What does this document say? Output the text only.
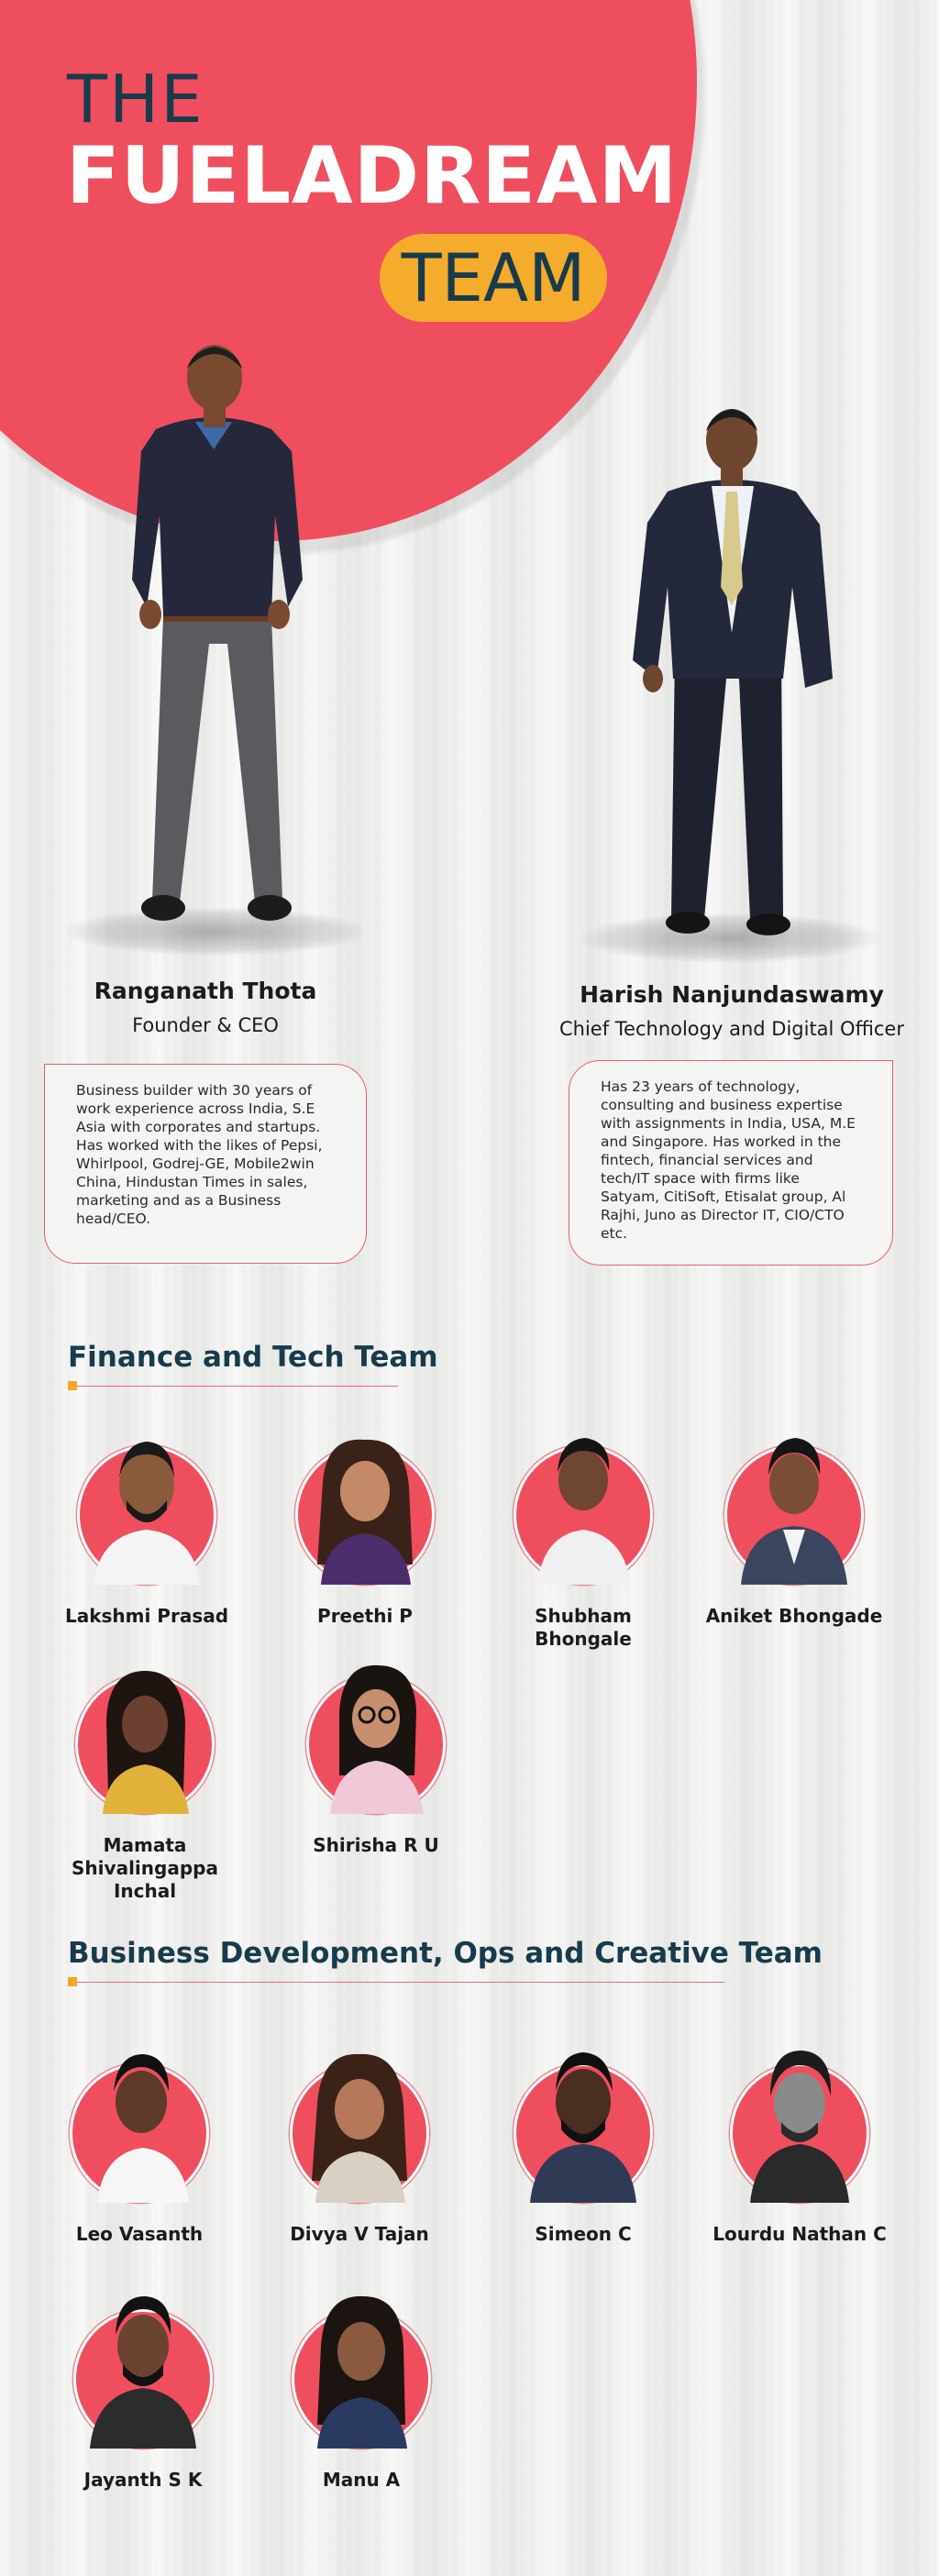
THE
FUELADREAM
TEAM
Ranganath Thota
Founder & CEO
Harish Nanjundaswamy
Chief Technology and Digital Officer
Business builder with 30 years of work experience across India, S.E Asia with corporates and startups. Has worked with the likes of Pepsi, Whirlpool, Godrej-GE, Mobile2win China, Hindustan Times in sales, marketing and as a Business head/CEO.
Has 23 years of technology, consulting and business expertise with assignments in India, USA, M.E and Singapore. Has worked in the fintech, financial services and tech/IT space with firms like Satyam, CitiSoft, Etisalat group, Al Rajhi, Juno as Director IT, CIO/CTO etc.
Finance and Tech Team
Lakshmi Prasad	Preethi P	Shubham Bhongale
Aniket Bhongade
Mamata Shivalingappa Inchal
Shirisha R U
Business Development, Ops and Creative Team
Leo Vasanth	Divya V Tajan	Simeon C	Lourdu Nathan C
Jayanth S K	Manu A
